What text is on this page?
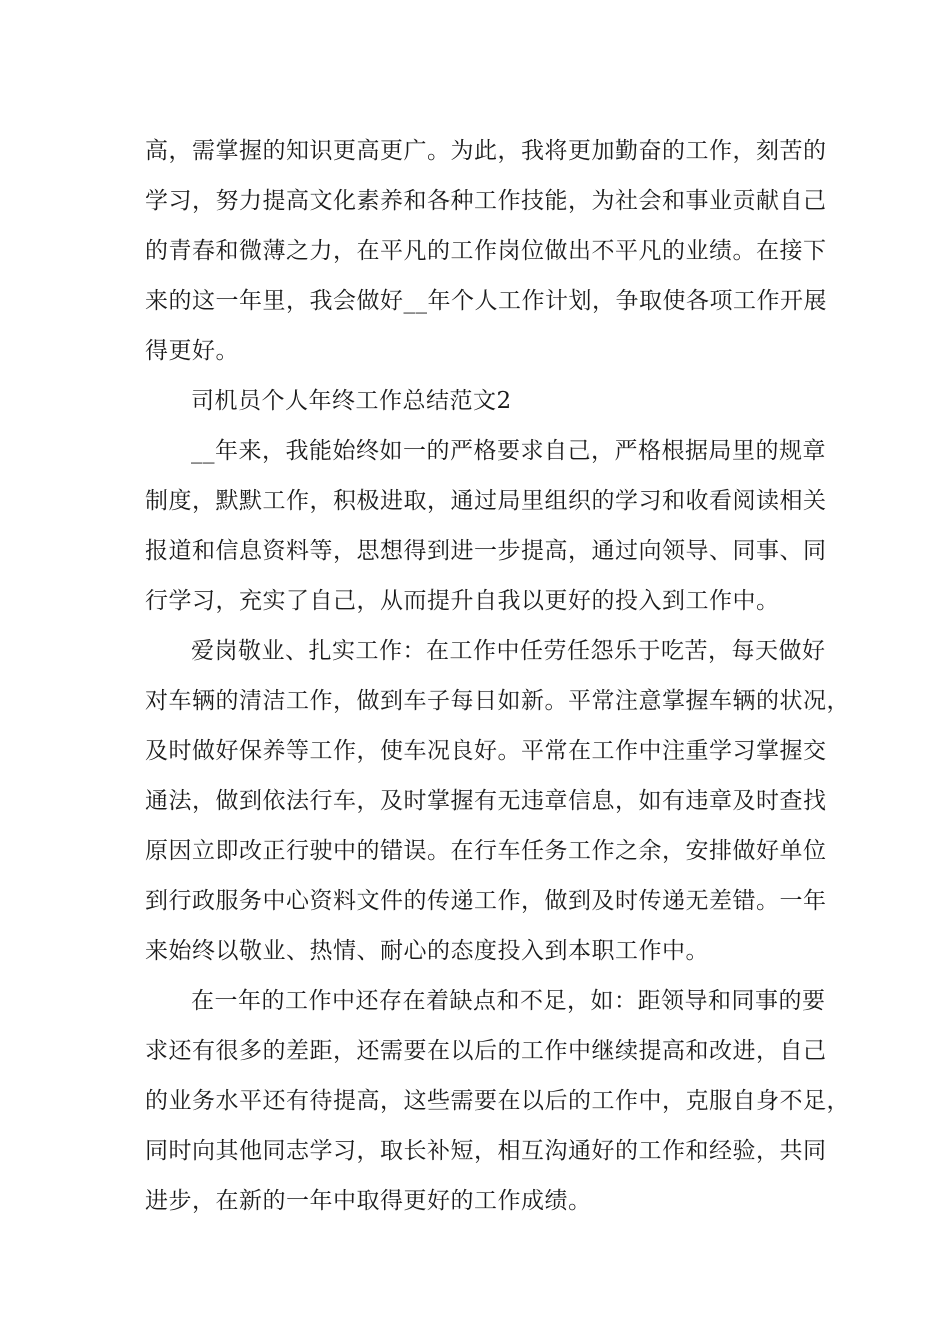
高，需掌握的知识更高更广。为此，我将更加勤奋的工作，刻苦的
学习，努力提高文化素养和各种工作技能，为社会和事业贡献自己
的青春和微薄之力，在平凡的工作岗位做出不平凡的业绩。在接下
来的这一年里，我会做好__年个人工作计划，争取使各项工作开展
得更好。
司机员个人年终工作总结范文2
__年来，我能始终如一的严格要求自己，严格根据局里的规章
制度，默默工作，积极进取，通过局里组织的学习和收看阅读相关
报道和信息资料等，思想得到进一步提高，通过向领导、同事、同
行学习，充实了自己，从而提升自我以更好的投入到工作中。
爱岗敬业、扎实工作：在工作中任劳任怨乐于吃苦，每天做好
对车辆的清洁工作，做到车子每日如新。平常注意掌握车辆的状况，
及时做好保养等工作，使车况良好。平常在工作中注重学习掌握交
通法，做到依法行车，及时掌握有无违章信息，如有违章及时查找
原因立即改正行驶中的错误。在行车任务工作之余，安排做好单位
到行政服务中心资料文件的传递工作，做到及时传递无差错。一年
来始终以敬业、热情、耐心的态度投入到本职工作中。
在一年的工作中还存在着缺点和不足，如：距领导和同事的要
求还有很多的差距，还需要在以后的工作中继续提高和改进，自己
的业务水平还有待提高，这些需要在以后的工作中，克服自身不足，
同时向其他同志学习，取长补短，相互沟通好的工作和经验，共同
进步，在新的一年中取得更好的工作成绩。
